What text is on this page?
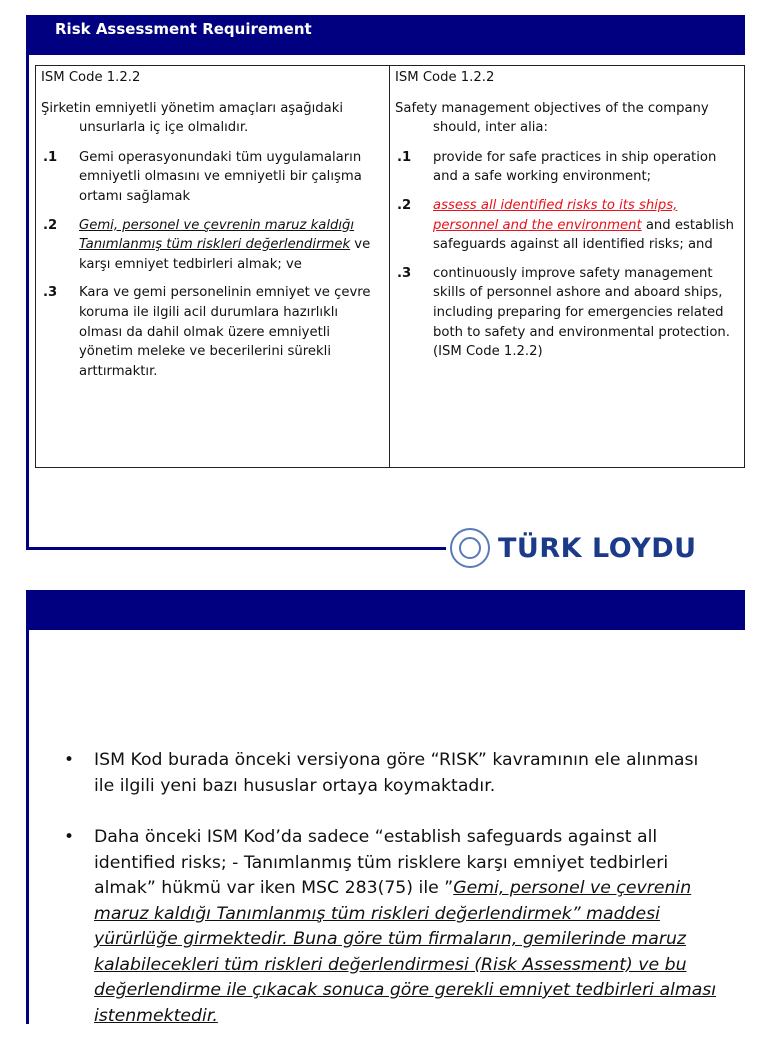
Risk Assessment Requirement
ISM Code 1.2.2
Şirketin emniyetli yönetim amaçları aşağıdaki
unsurlarla iç içe olmalıdır.
.1	Gemi operasyonundaki tüm uygulamaların emniyetli olmasını ve emniyetli bir çalışma ortamı sağlamak
.2	Gemi, personel ve çevrenin maruz kaldığı Tanımlanmış tüm riskleri değerlendirmek ve karşı emniyet tedbirleri almak; ve
.3	Kara ve gemi personelinin emniyet ve çevre koruma ile ilgili acil durumlara hazırlıklı olması da dahil olmak üzere emniyetli yönetim meleke ve becerilerini sürekli arttırmaktır.
ISM Code 1.2.2
Safety management objectives of the company
should, inter alia:
.1	provide for safe practices in ship operation and a safe working environment;
.2	assess all identified risks to its ships, personnel and the environment and establish safeguards against all identified risks; and
.3	continuously improve safety management skills of personnel ashore and aboard ships, including preparing for emergencies related both to safety and environmental protection.
(ISM Code 1.2.2)
TÜRK LOYDU
• ISM Kod burada önceki versiyona göre “RISK” kavramının ele alınması ile ilgili yeni bazı hususlar ortaya koymaktadır.
• Daha önceki ISM Kod’da sadece “establish safeguards against all identified risks; - Tanımlanmış tüm risklere karşı emniyet tedbirleri almak” hükmü var iken MSC 283(75) ile ”Gemi, personel ve çevrenin maruz kaldığı Tanımlanmış tüm riskleri değerlendirmek” maddesi yürürlüğe girmektedir. Buna göre tüm firmaların, gemilerinde maruz kalabilecekleri tüm riskleri değerlendirmesi (Risk Assessment) ve bu değerlendirme ile çıkacak sonuca göre gerekli emniyet tedbirleri alması istenmektedir.
